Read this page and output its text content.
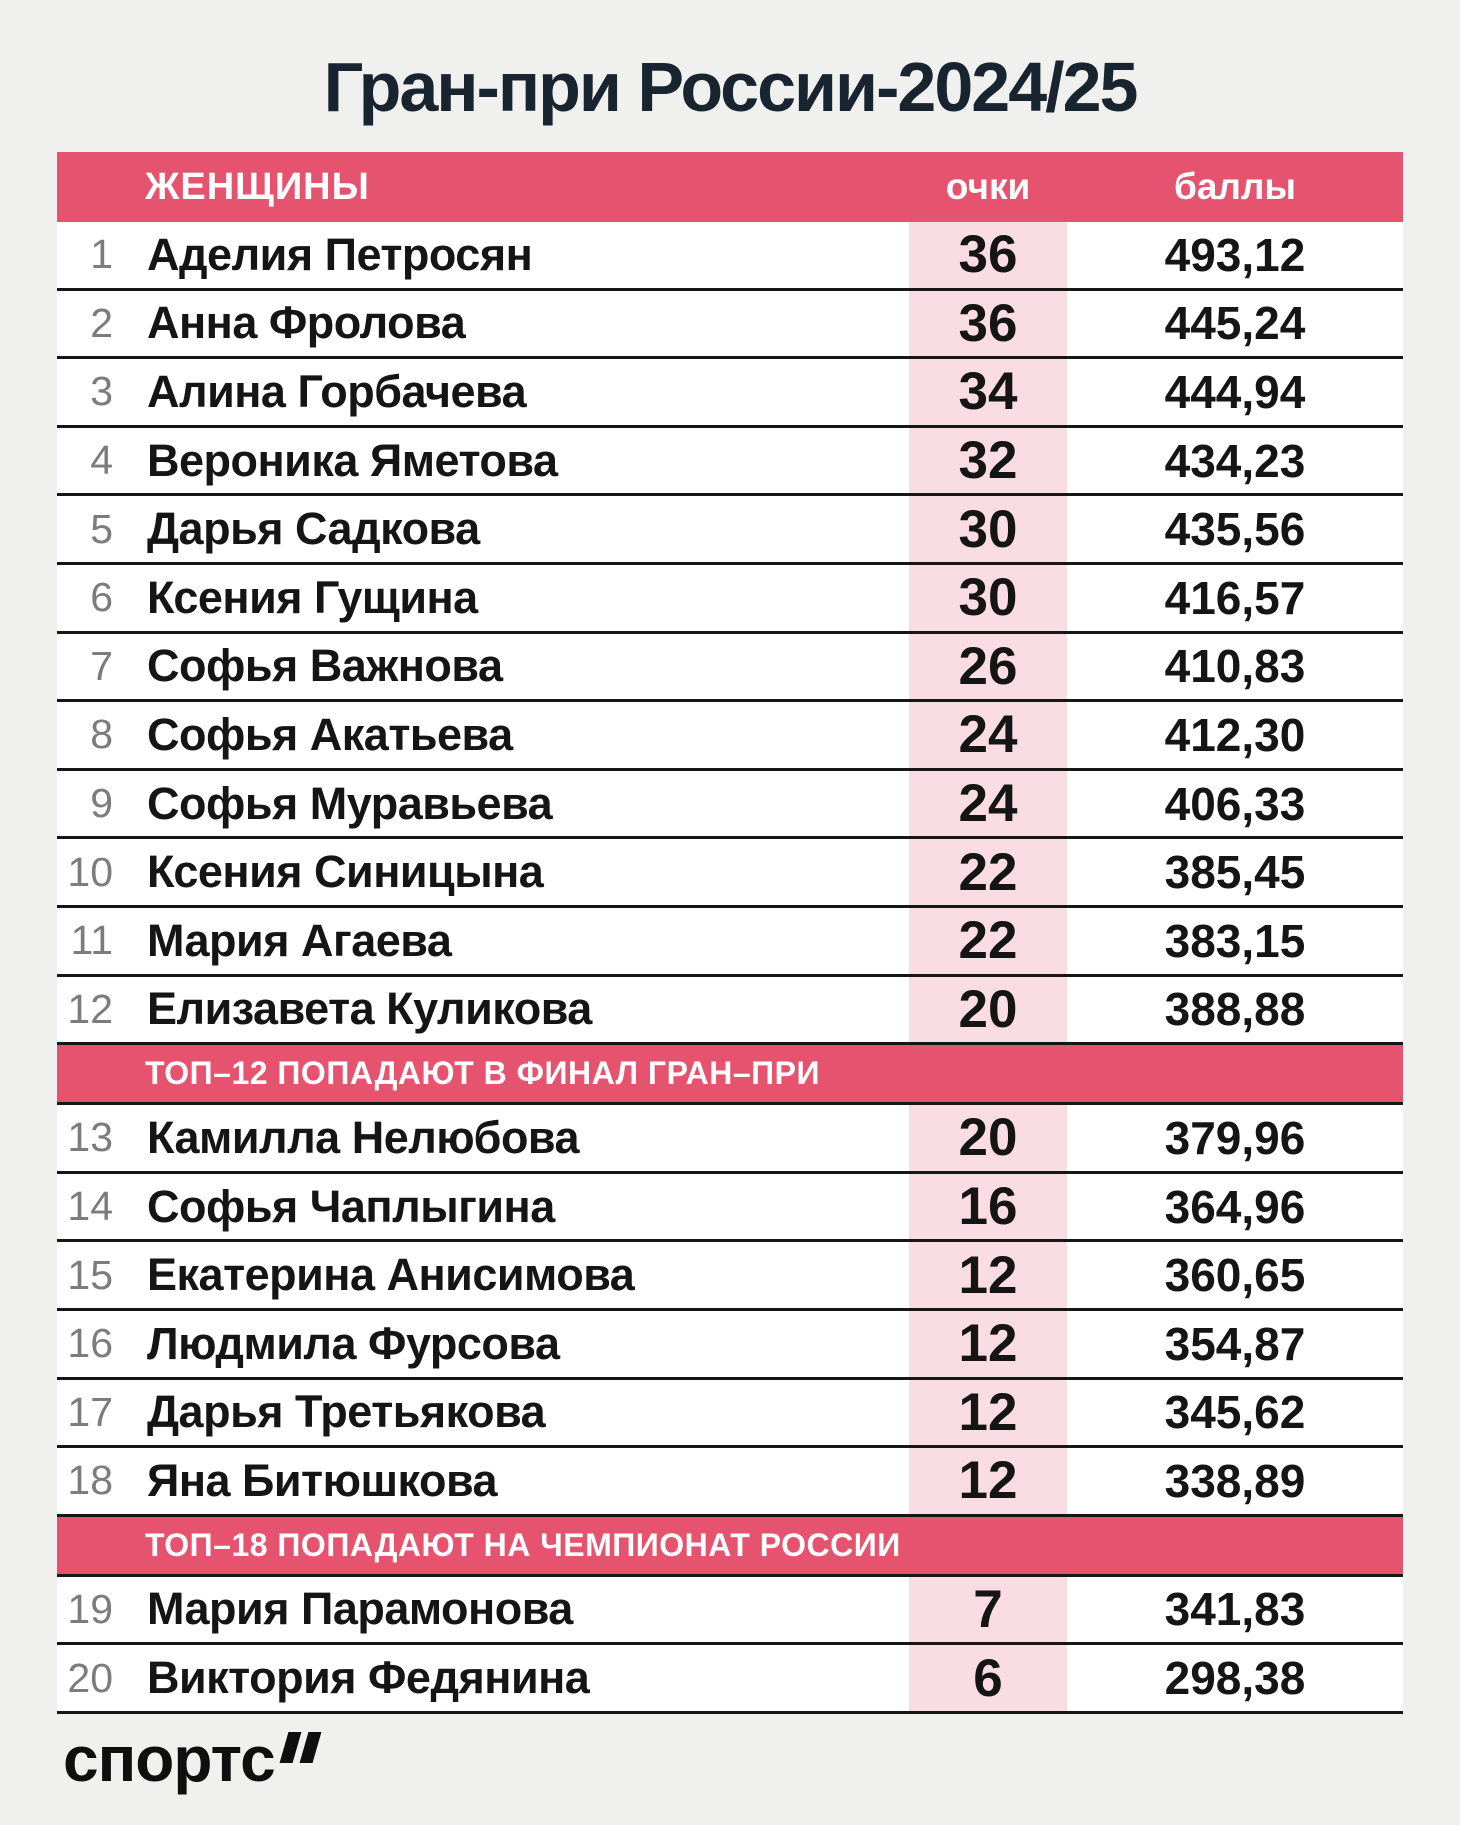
Гран-при России-2024/25
ЖЕНЩИНЫ	очки	баллы
1 Аделия Петросян	36	493,12
2 Анна Фролова	36	445,24
3 Алина Горбачева	34	444,94
4 Вероника Яметова	32	434,23
5 Дарья Садкова	30	435,56
6 Ксения Гущина	30	416,57
7 Софья Важнова	26	410,83
8 Софья Акатьева	24	412,30
9 Софья Муравьева	24	406,33
10 Ксения Синицына	22	385,45
11 Мария Агаева	22	383,15
12 Елизавета Куликова	20	388,88
ТОП–12 ПОПАДАЮТ В ФИНАЛ ГРАН–ПРИ
13 Камилла Нелюбова	20	379,96
14 Софья Чаплыгина	16	364,96
15 Екатерина Анисимова	12	360,65
16 Людмила Фурсова	12	354,87
17 Дарья Третьякова	12	345,62
18 Яна Битюшкова	12	338,89
ТОП–18 ПОПАДАЮТ НА ЧЕМПИОНАТ РОССИИ
19 Мария Парамонова	7	341,83
20 Виктория Федянина	6	298,38
спортс
